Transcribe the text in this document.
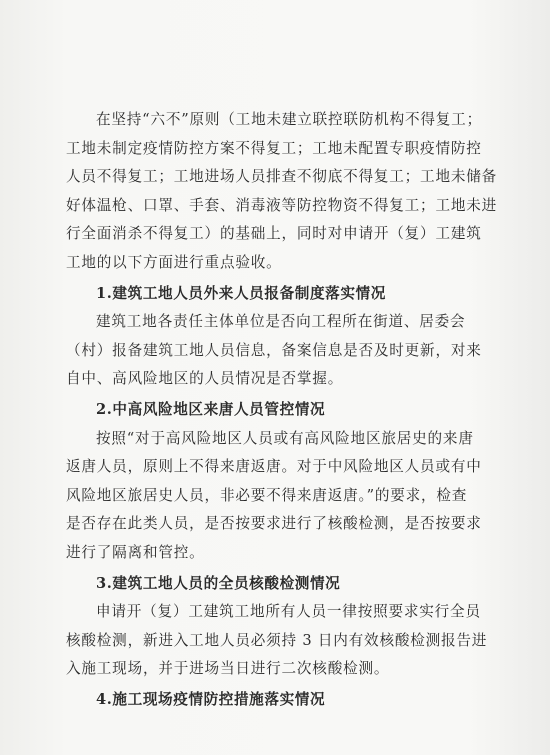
在坚持“六不”原则（工地未建立联控联防机构不得复工；
工地未制定疫情防控方案不得复工；工地未配置专职疫情防控
人员不得复工；工地进场人员排查不彻底不得复工；工地未储备
好体温枪、口罩、手套、消毒液等防控物资不得复工；工地未进
行全面消杀不得复工）的基础上，同时对申请开（复）工建筑
工地的以下方面进行重点验收。
1.建筑工地人员外来人员报备制度落实情况
建筑工地各责任主体单位是否向工程所在街道、居委会
（村）报备建筑工地人员信息，备案信息是否及时更新，对来
自中、高风险地区的人员情况是否掌握。
2.中高风险地区来唐人员管控情况
按照“对于高风险地区人员或有高风险地区旅居史的来唐
返唐人员，原则上不得来唐返唐。对于中风险地区人员或有中
风险地区旅居史人员，非必要不得来唐返唐。”的要求，检查
是否存在此类人员，是否按要求进行了核酸检测，是否按要求
进行了隔离和管控。
3.建筑工地人员的全员核酸检测情况
申请开（复）工建筑工地所有人员一律按照要求实行全员
核酸检测，新进入工地人员必须持 3 日内有效核酸检测报告进
入施工现场，并于进场当日进行二次核酸检测。
4.施工现场疫情防控措施落实情况
